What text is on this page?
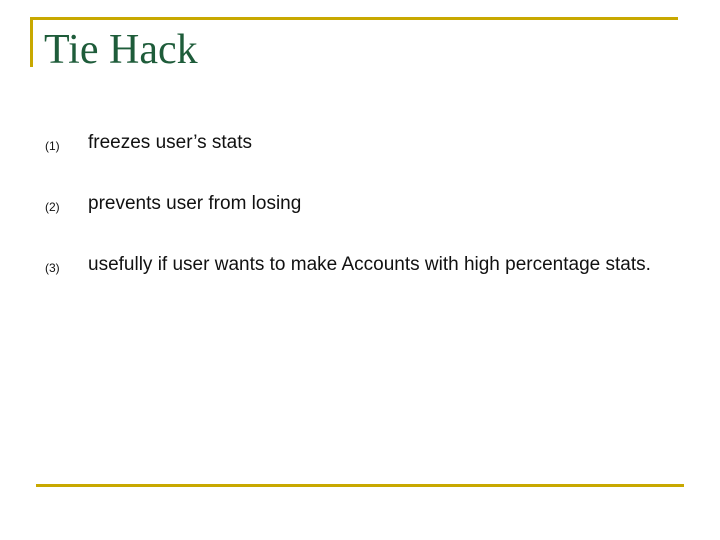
Tie Hack
(1) freezes user’s stats
(2) prevents user from losing
(3) usefully if user wants to make Accounts with high percentage stats.
